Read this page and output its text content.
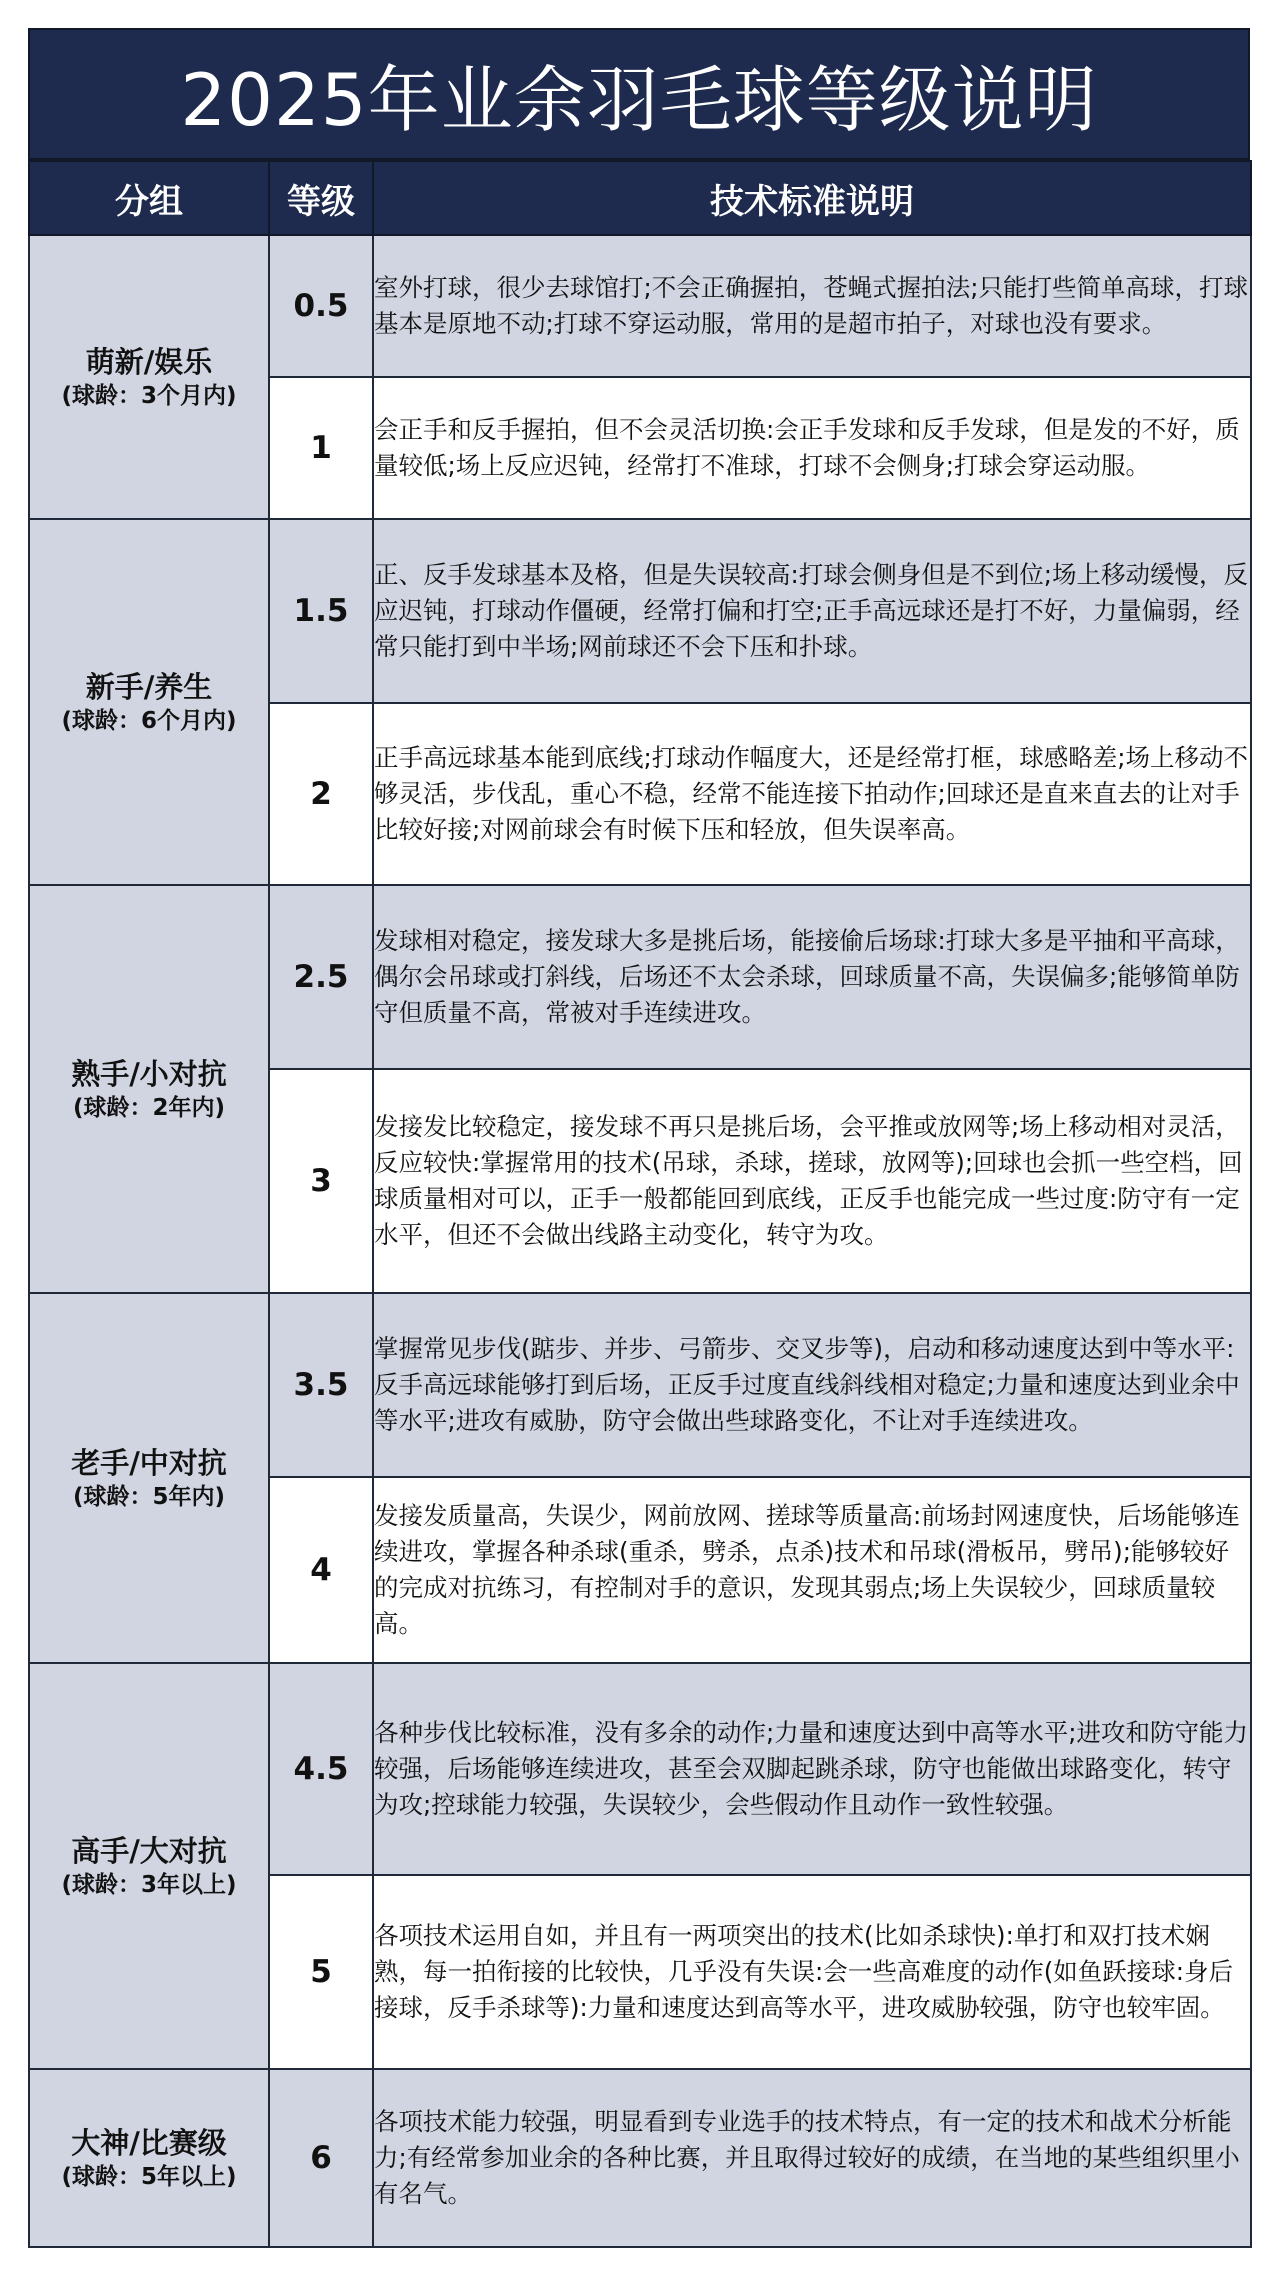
2025年业余羽毛球等级说明
分组	等级	技术标准说明

萌新/娱乐
(球龄：3个月内)	0.5	室外打球，很少去球馆打;不会正确握拍，苍蝇式握拍法;只能打些简单高球，打球基本是原地不动;打球不穿运动服，常用的是超市拍子，对球也没有要求。
	1	会正手和反手握拍，但不会灵活切换:会正手发球和反手发球，但是发的不好，质量较低;场上反应迟钝，经常打不准球，打球不会侧身;打球会穿运动服。

新手/养生
(球龄：6个月内)	1.5	正、反手发球基本及格，但是失误较高:打球会侧身但是不到位;场上移动缓慢，反应迟钝，打球动作僵硬，经常打偏和打空;正手高远球还是打不好，力量偏弱，经常只能打到中半场;网前球还不会下压和扑球。
	2	正手高远球基本能到底线;打球动作幅度大，还是经常打框，球感略差;场上移动不够灵活，步伐乱，重心不稳，经常不能连接下拍动作;回球还是直来直去的让对手比较好接;对网前球会有时候下压和轻放，但失误率高。

熟手/小对抗
(球龄：2年内)	2.5	发球相对稳定，接发球大多是挑后场，能接偷后场球:打球大多是平抽和平高球，偶尔会吊球或打斜线，后场还不太会杀球，回球质量不高，失误偏多;能够简单防守但质量不高，常被对手连续进攻。
	3	发接发比较稳定，接发球不再只是挑后场，会平推或放网等;场上移动相对灵活，反应较快:掌握常用的技术(吊球，杀球，搓球，放网等);回球也会抓一些空档，回球质量相对可以，正手一般都能回到底线，正反手也能完成一些过度:防守有一定水平，但还不会做出线路主动变化，转守为攻。

老手/中对抗
(球龄：5年内)	3.5	掌握常见步伐(踮步、并步、弓箭步、交叉步等)，启动和移动速度达到中等水平:反手高远球能够打到后场，正反手过度直线斜线相对稳定;力量和速度达到业余中等水平;进攻有威胁，防守会做出些球路变化，不让对手连续进攻。
	4	发接发质量高，失误少，网前放网、搓球等质量高:前场封网速度快，后场能够连续进攻，掌握各种杀球(重杀，劈杀，点杀)技术和吊球(滑板吊，劈吊);能够较好的完成对抗练习，有控制对手的意识，发现其弱点;场上失误较少，回球质量较高。

高手/大对抗
(球龄：3年以上)	4.5	各种步伐比较标准，没有多余的动作;力量和速度达到中高等水平;进攻和防守能力较强，后场能够连续进攻，甚至会双脚起跳杀球，防守也能做出球路变化，转守为攻;控球能力较强，失误较少，会些假动作且动作一致性较强。
	5	各项技术运用自如，并且有一两项突出的技术(比如杀球快):单打和双打技术娴熟，每一拍衔接的比较快，几乎没有失误:会一些高难度的动作(如鱼跃接球:身后接球，反手杀球等):力量和速度达到高等水平，进攻威胁较强，防守也较牢固。

大神/比赛级
(球龄：5年以上)	6	各项技术能力较强，明显看到专业选手的技术特点，有一定的技术和战术分析能力;有经常参加业余的各种比赛，并且取得过较好的成绩，在当地的某些组织里小有名气。
